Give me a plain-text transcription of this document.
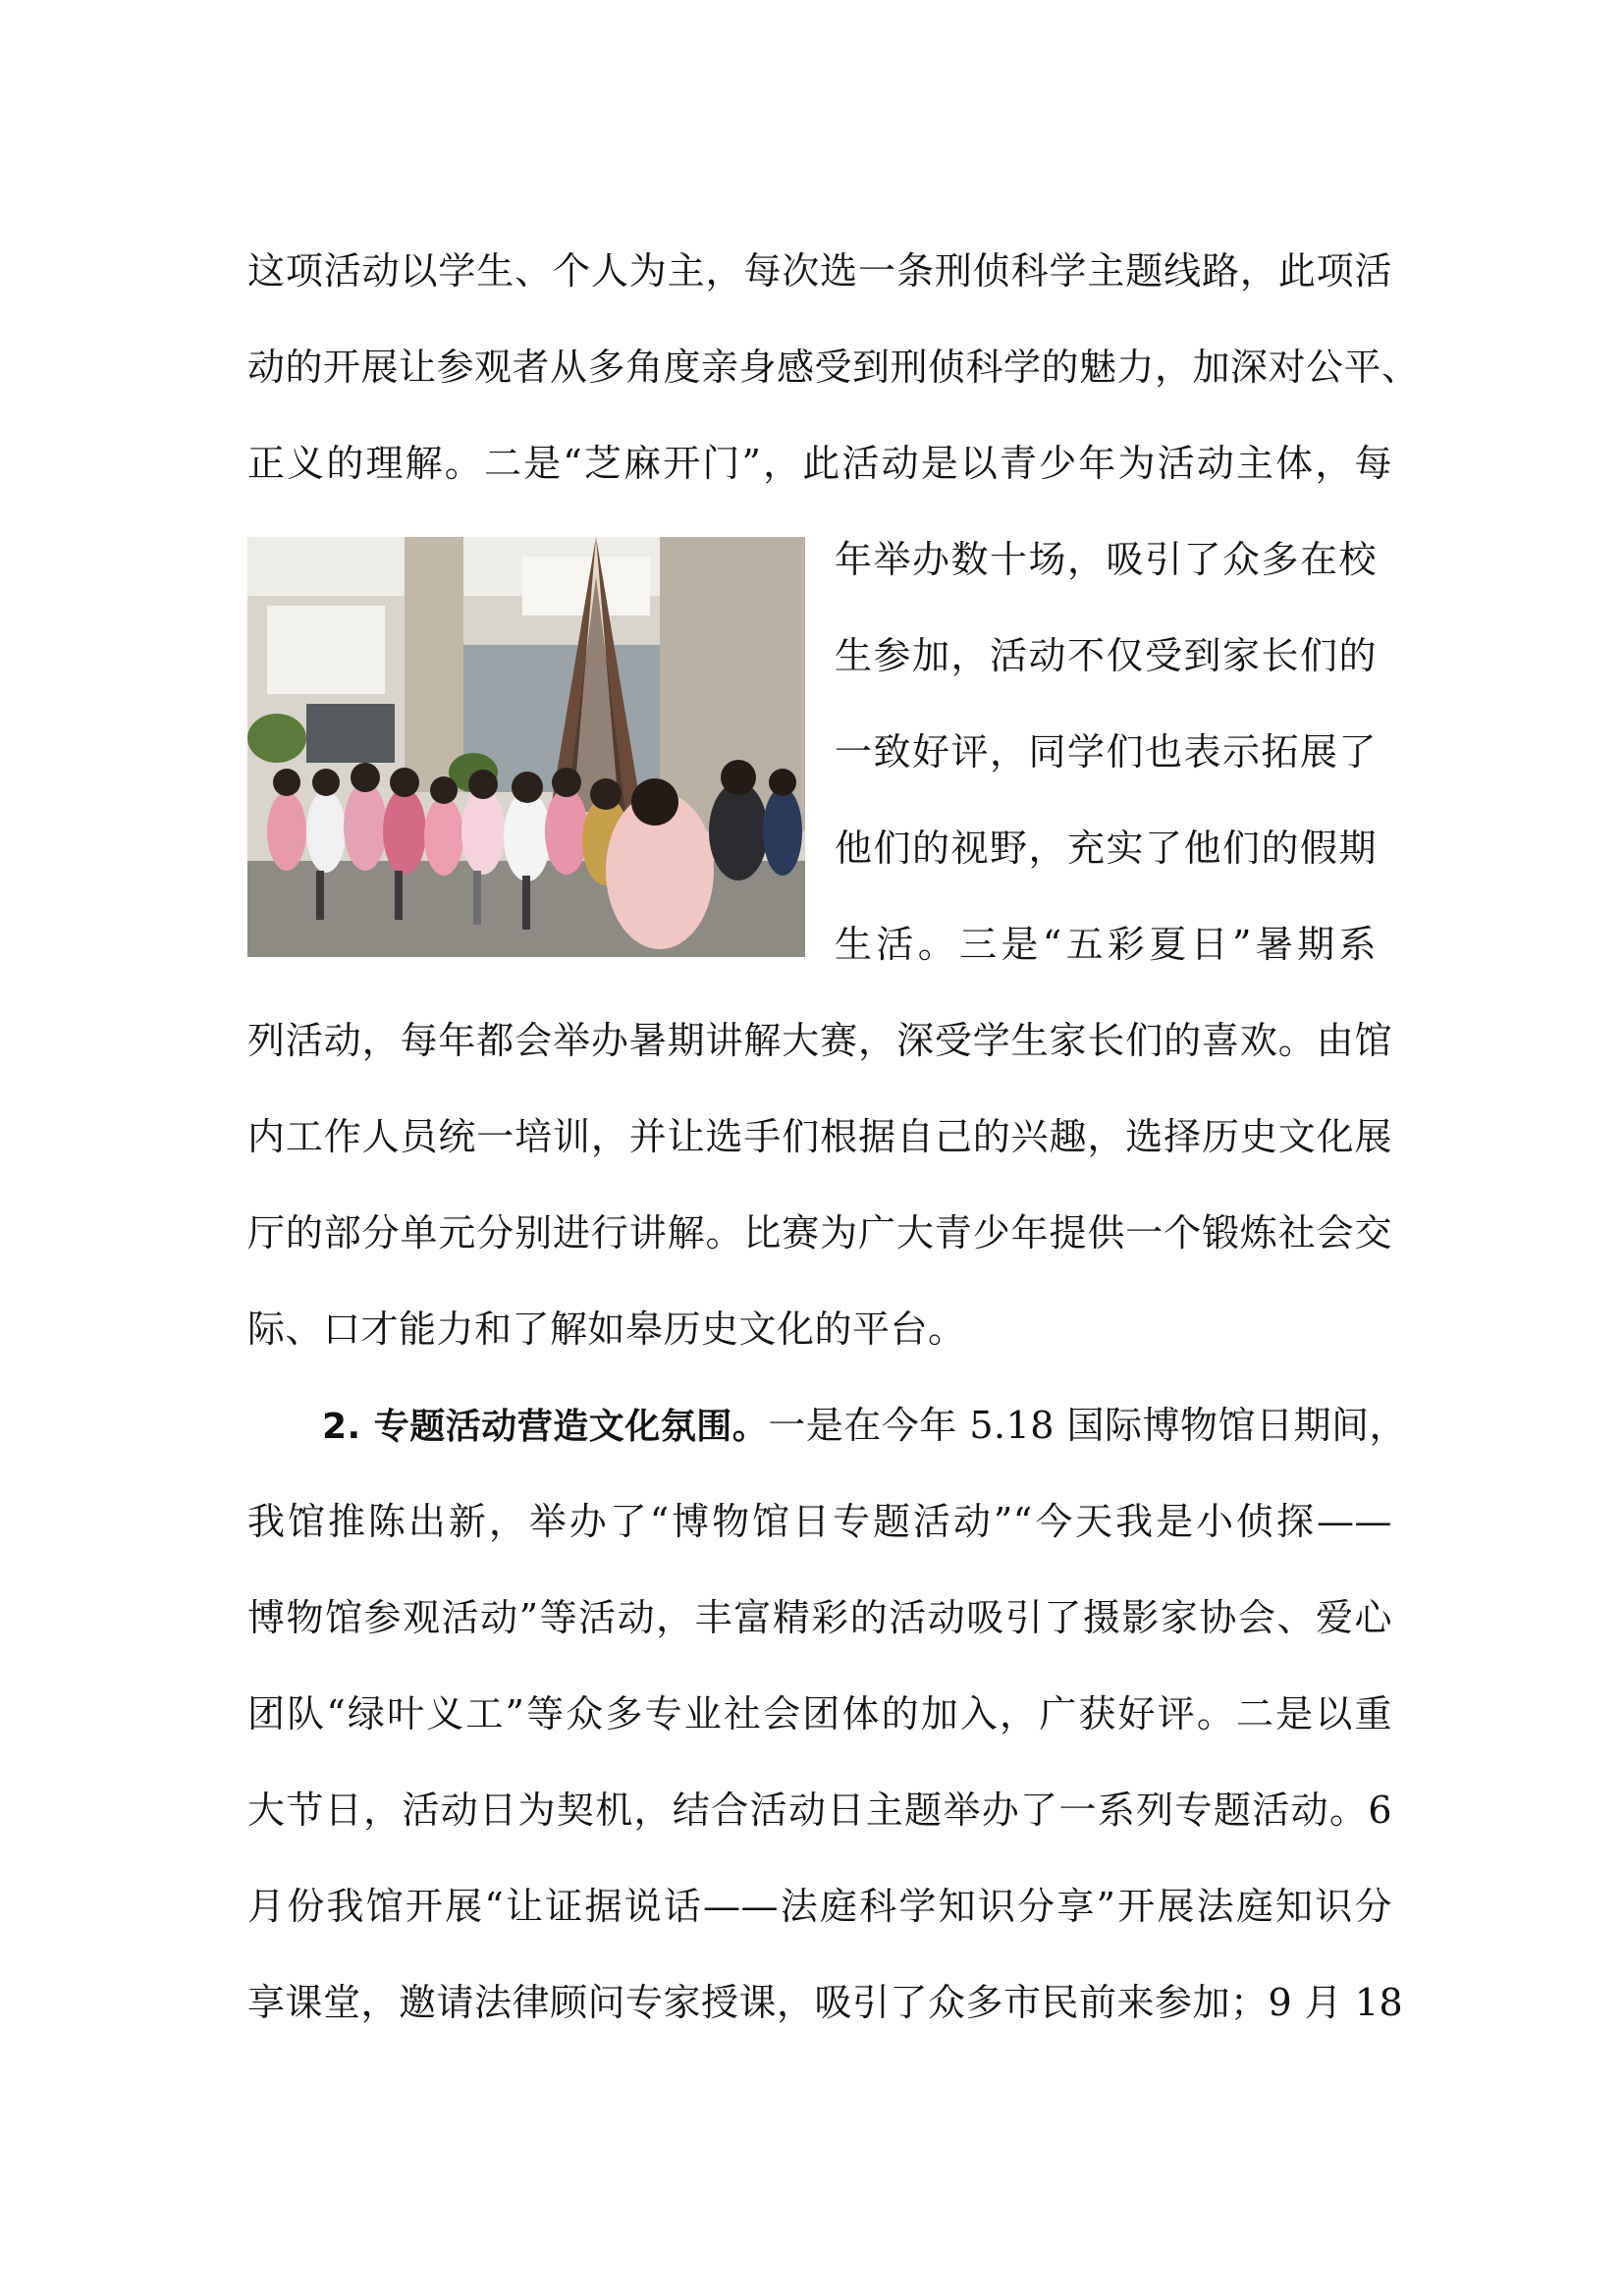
这项活动以学生、个人为主，每次选一条刑侦科学主题线路，此项活
动的开展让参观者从多角度亲身感受到刑侦科学的魅力，加深对公平、
正义的理解。二是“芝麻开门”，此活动是以青少年为活动主体，每
年举办数十场，吸引了众多在校
生参加，活动不仅受到家长们的
一致好评，同学们也表示拓展了
他们的视野，充实了他们的假期
生活。三是“五彩夏日”暑期系
列活动，每年都会举办暑期讲解大赛，深受学生家长们的喜欢。由馆
内工作人员统一培训，并让选手们根据自己的兴趣，选择历史文化展
厅的部分单元分别进行讲解。比赛为广大青少年提供一个锻炼社会交
际、口才能力和了解如皋历史文化的平台。
2. 专题活动营造文化氛围。一是在今年 5.18 国际博物馆日期间，
我馆推陈出新，举办了“博物馆日专题活动”“今天我是小侦探——
博物馆参观活动”等活动，丰富精彩的活动吸引了摄影家协会、爱心
团队“绿叶义工”等众多专业社会团体的加入，广获好评。二是以重
大节日，活动日为契机，结合活动日主题举办了一系列专题活动。6
月份我馆开展“让证据说话——法庭科学知识分享”开展法庭知识分
享课堂，邀请法律顾问专家授课，吸引了众多市民前来参加；9 月 18
